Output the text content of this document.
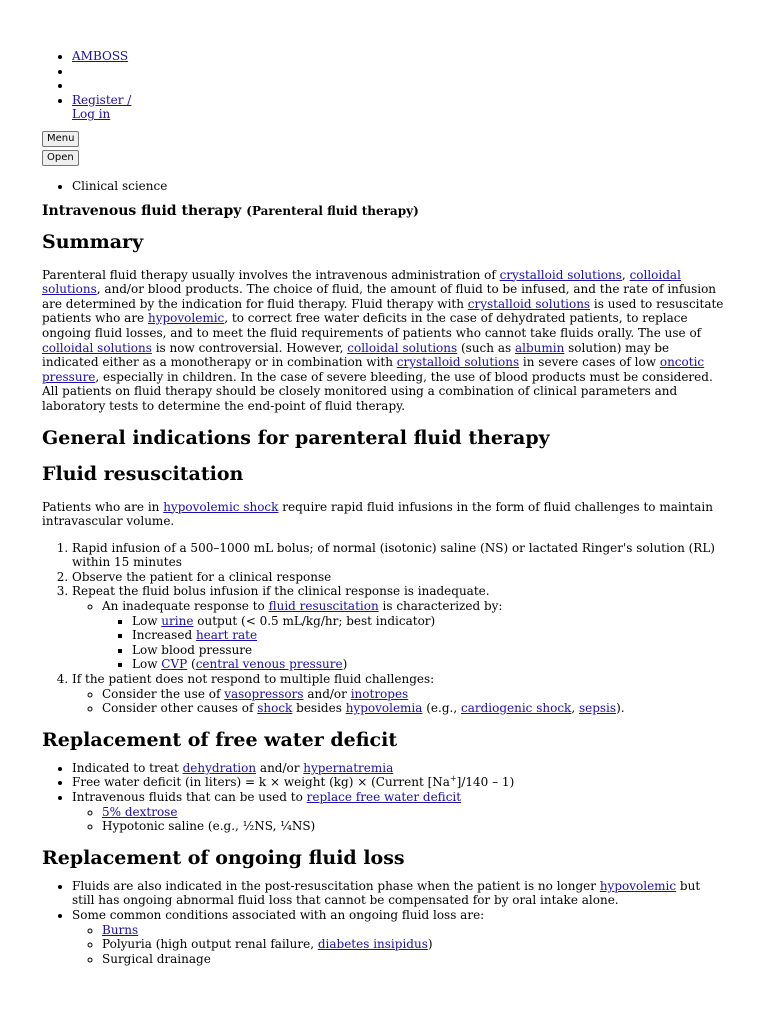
• AMBOSS
•
•
• Register /
Log in
Menu
Open
• Clinical science
Intravenous fluid therapy (Parenteral fluid therapy)
Summary

Parenteral fluid therapy usually involves the intravenous administration of crystalloid solutions, colloidal solutions, and/or blood products. The choice of fluid, the amount of fluid to be infused, and the rate of infusion are determined by the indication for fluid therapy. Fluid therapy with crystalloid solutions is used to resuscitate patients who are hypovolemic, to correct free water deficits in the case of dehydrated patients, to replace ongoing fluid losses, and to meet the fluid requirements of patients who cannot take fluids orally. The use of colloidal solutions is now controversial. However, colloidal solutions (such as albumin solution) may be indicated either as a monotherapy or in combination with crystalloid solutions in severe cases of low oncotic pressure, especially in children. In the case of severe bleeding, the use of blood products must be considered. All patients on fluid therapy should be closely monitored using a combination of clinical parameters and laboratory tests to determine the end-point of fluid therapy.

General indications for parenteral fluid therapy
Fluid resuscitation

Patients who are in hypovolemic shock require rapid fluid infusions in the form of fluid challenges to maintain intravascular volume.

1. Rapid infusion of a 500–1000 mL bolus; of normal (isotonic) saline (NS) or lactated Ringer's solution (RL) within 15 minutes
2. Observe the patient for a clinical response
3. Repeat the fluid bolus infusion if the clinical response is inadequate.
◦ An inadequate response to fluid resuscitation is characterized by:
▪ Low urine output (< 0.5 mL/kg/hr; best indicator)
▪ Increased heart rate
▪ Low blood pressure
▪ Low CVP (central venous pressure)
4. If the patient does not respond to multiple fluid challenges:
◦ Consider the use of vasopressors and/or inotropes
◦ Consider other causes of shock besides hypovolemia (e.g., cardiogenic shock, sepsis).
Replacement of free water deficit
• Indicated to treat dehydration and/or hypernatremia
• Free water deficit (in liters) = k × weight (kg) × (Current [Na+]/140 – 1)
• Intravenous fluids that can be used to replace free water deficit
◦ 5% dextrose
◦ Hypotonic saline (e.g., ½NS, ¼NS)
Replacement of ongoing fluid loss
• Fluids are also indicated in the post-resuscitation phase when the patient is no longer hypovolemic but still has ongoing abnormal fluid loss that cannot be compensated for by oral intake alone.
• Some common conditions associated with an ongoing fluid loss are:
◦ Burns
◦ Polyuria (high output renal failure, diabetes insipidus)
◦ Surgical drainage
